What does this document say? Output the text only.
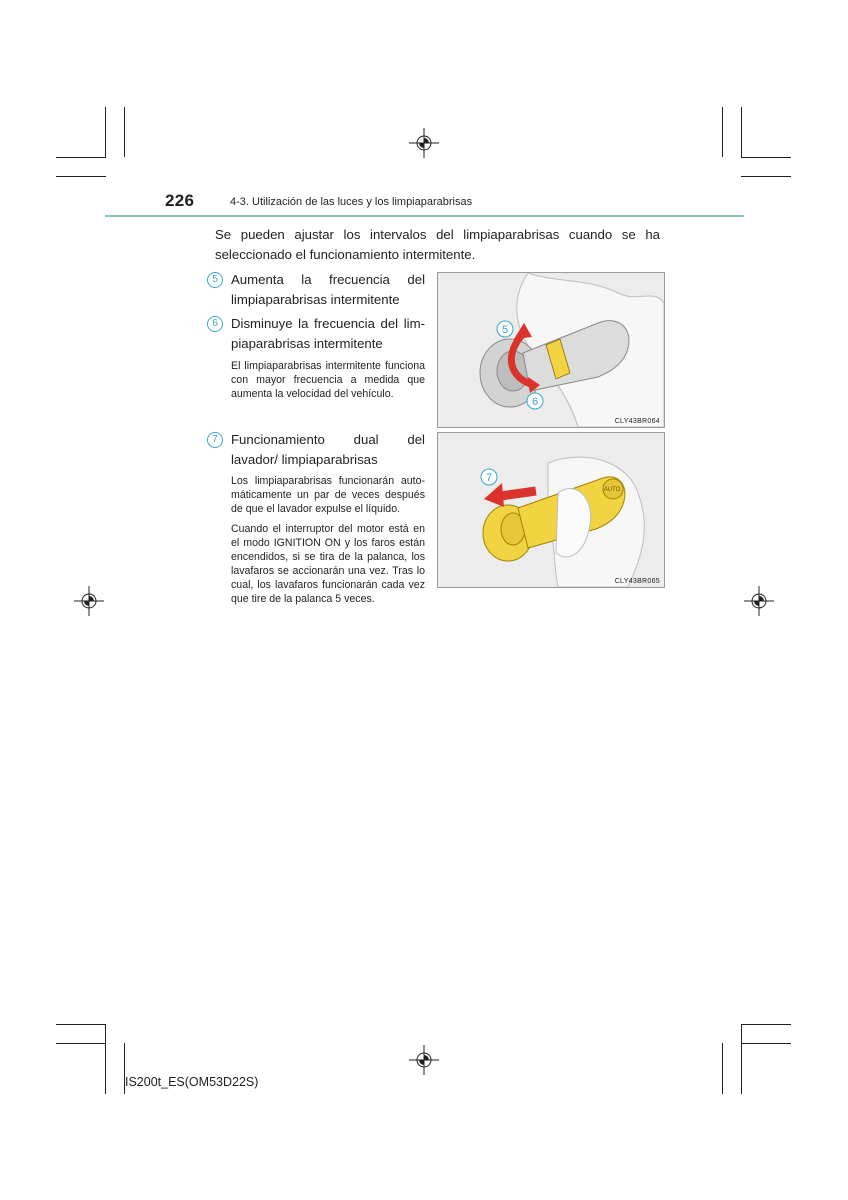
226	4-3. Utilización de las luces y los limpiaparabrisas
Se pueden ajustar los intervalos del limpiaparabrisas cuando se ha seleccionado el funcionamiento intermitente.
5	Aumenta la frecuencia del limpiaparabrisas intermitente
6	Disminuye la frecuencia del limpiaparabrisas intermitente
El limpiaparabrisas intermitente funciona con mayor frecuencia a medida que aumenta la velocidad del vehículo.
7	Funcionamiento dual del lavador/ limpiaparabrisas
Los limpiaparabrisas funcionarán automáticamente un par de veces después de que el lavador expulse el líquido.
Cuando el interruptor del motor está en el modo IGNITION ON y los faros están encendidos, si se tira de la palanca, los lavafaros se accionarán una vez. Tras lo cual, los lavafaros funcionarán cada vez que tire de la palanca 5 veces.
5
6
CLY43BR064
AUTO
7
CLY43BR065
IS200t_ES(OM53D22S)
